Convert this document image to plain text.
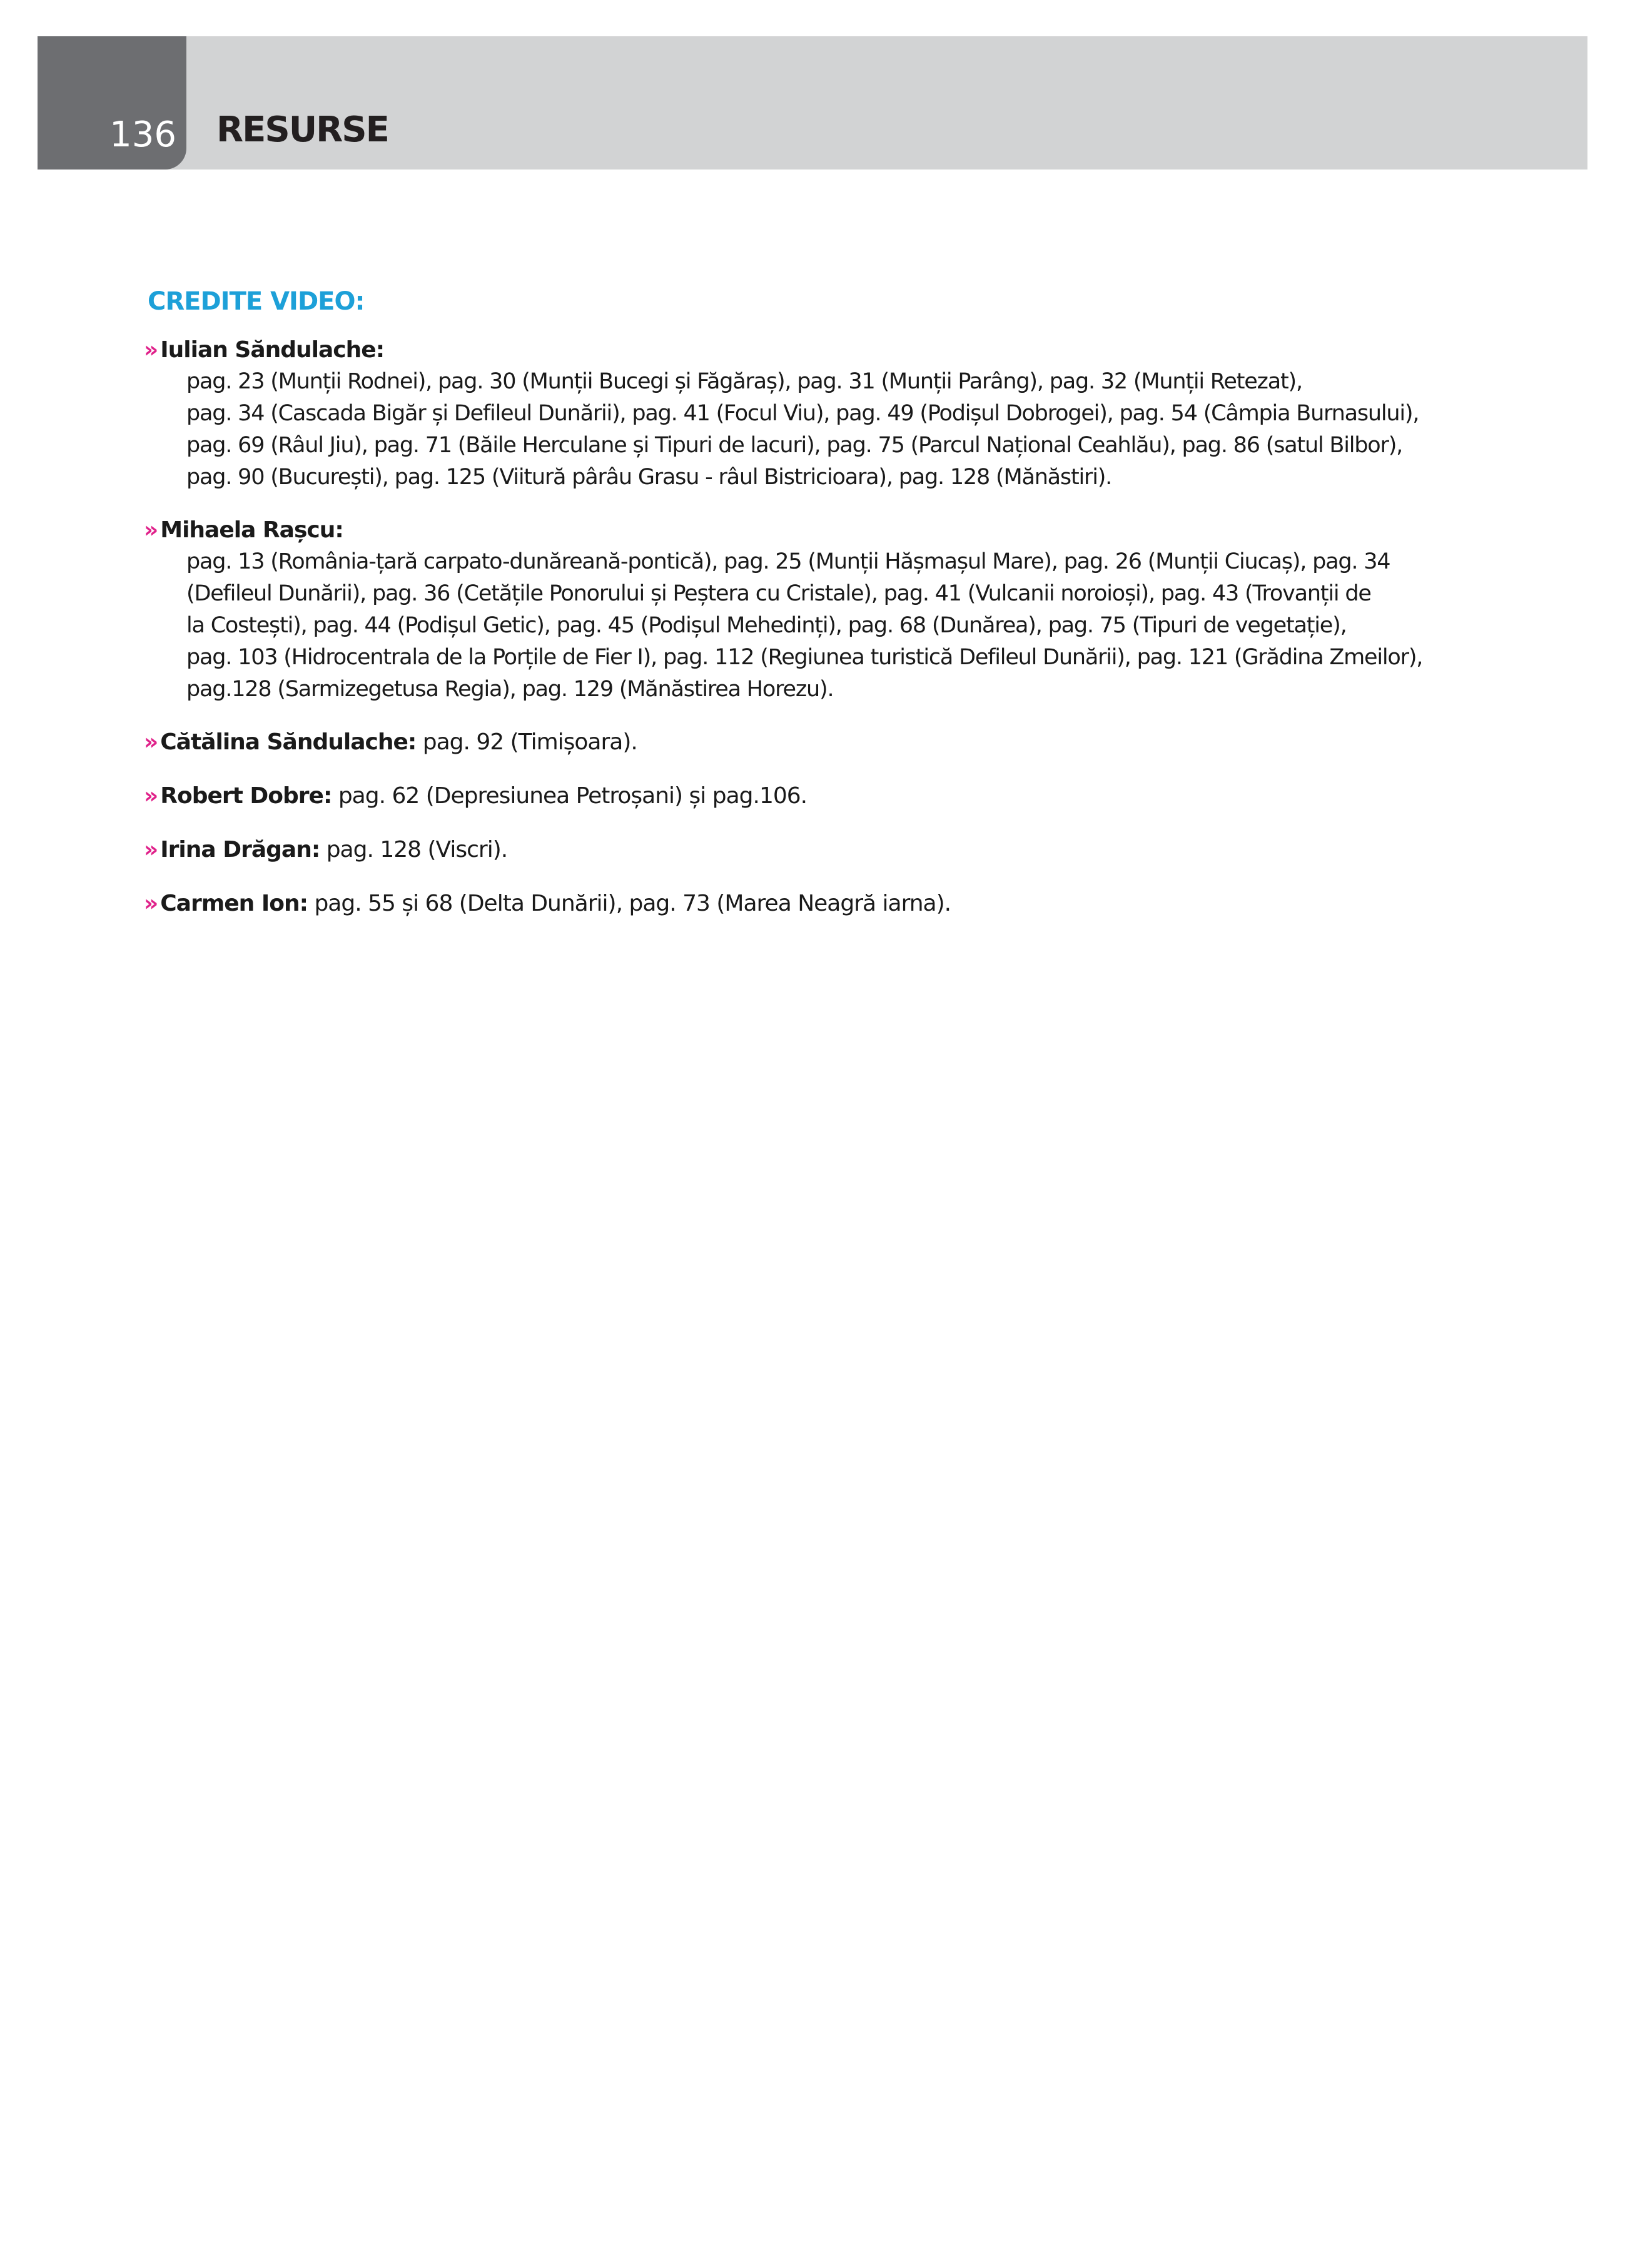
136 RESURSE
CREDITE VIDEO:
» Iulian Săndulache:
pag. 23 (Munții Rodnei), pag. 30 (Munții Bucegi și Făgăraș), pag. 31 (Munții Parâng), pag. 32 (Munții Retezat),
pag. 34 (Cascada Bigăr și Defileul Dunării), pag. 41 (Focul Viu), pag. 49 (Podișul Dobrogei), pag. 54 (Câmpia Burnasului),
pag. 69 (Râul Jiu), pag. 71 (Băile Herculane și Tipuri de lacuri), pag. 75 (Parcul Național Ceahlău), pag. 86 (satul Bilbor),
pag. 90 (București), pag. 125 (Viitură pârâu Grasu - râul Bistricioara), pag. 128 (Mănăstiri).
» Mihaela Rașcu:
pag. 13 (România-țară carpato-dunăreană-pontică), pag. 25 (Munții Hășmașul Mare), pag. 26 (Munții Ciucaș), pag. 34
(Defileul Dunării), pag. 36 (Cetățile Ponorului și Peștera cu Cristale), pag. 41 (Vulcanii noroioși), pag. 43 (Trovanții de
la Costești), pag. 44 (Podișul Getic), pag. 45 (Podișul Mehedinți), pag. 68 (Dunărea), pag. 75 (Tipuri de vegetație),
pag. 103 (Hidrocentrala de la Porțile de Fier I), pag. 112 (Regiunea turistică Defileul Dunării), pag. 121 (Grădina Zmeilor),
pag.128 (Sarmizegetusa Regia), pag. 129 (Mănăstirea Horezu).
» Cătălina Săndulache: pag. 92 (Timișoara).
» Robert Dobre: pag. 62 (Depresiunea Petroșani) și pag.106.
» Irina Drăgan: pag. 128 (Viscri).
» Carmen Ion: pag. 55 și 68 (Delta Dunării), pag. 73 (Marea Neagră iarna).
